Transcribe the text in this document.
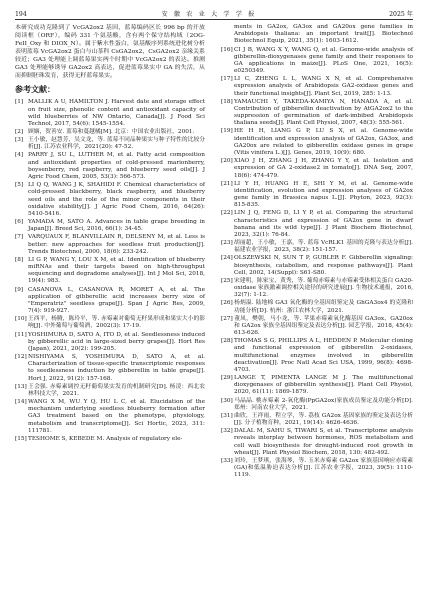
194	安　徽　农　业　大　学　学　报	2025 年

本研究成功克隆到了 VcGA2ox2 基因，蓝莓编码区长 996 bp 的开放阅读框（ORF），编码 331 个氨基酸，含有两个保守结构域（2OG-FeII_Oxy 和 DIOX_N）。属于紫水性蛋白，氨基酸序列系统进化树分析表明蓝莓 VcGA2ox2 蛋白与山茶科 CsGA2ox2、CsGA2ox2 亲缘关系较近；GA3 处理能上调蓝莓果实两个时期中 VcGA2ox2 的表达。推测 GA3 处理能够诱导 GA2ox2 高表达，促进蓝莓果实中 GA 的失活，从而抑制胚珠发育，获得无籽蓝莓果实。

参考文献：
[1] MALLIK A U, HAMILTON J. Harvest date and storage effect on fruit size, phenolic content and antioxidant capacity of wild blueberries of NW Ontario, Canada[J]. J Food Sci Technol, 2017, 54(6): 1545-1554.
[2] 顾姻，贺善安. 蓝莓和蔓越橘[M]. 北京：中国农业出版社，2001.
[3] 王小敏，赵慧芳，吴文龙，等. 蓝莓不同品种果实与种子特性的比较分析[J]. 江苏农业科学，2021(20): 47-52.
[4] PARRY J, SU L, LUTHER M, et al. Fatty acid composition and antioxidant properties of cold-pressed marionberry, boysenberry, red raspberry, and blueberry seed oils[J]. J Agric Food Chem, 2005, 53(3): 566-573.
[5] LI Q Q, WANG J K, SHAHIDI F. Chemical characteristics of cold-pressed blackberry, black raspberry, and blueberry seed oils and the role of the minor components in their oxidative stability[J]. J Agric Food Chem, 2016, 64(26): 5410-5416.
[6] YAMADA M, SATO A. Advances in table grape breeding in Japan[J]. Breed Sci, 2016, 66(1): 34-45.
[7] VARQUAUX F, BLANVILLAIN R, DELSENY M, et al. Less is better: new approaches for seedless fruit production[J]. Trends Biotechnol, 2000, 18(6): 233-242.
[8] LI G P, WANG Y, LOU X M, et al. Identification of blueberry miRNAs and their targets based on high-throughput sequencing and degradome analyses[J]. Int J Mol Sci, 2018, 19(4): 983.
[9] CASANOVA L, CASANOVA R, MORET A, et al. The application of gibberellic acid increases berry size of "Emperatriz" seedless grape[J]. Span J Agric Res, 2009, 7(4): 919-927.
[10]王西平，杨腾，陈玲平，等. 赤霉素对葡萄无籽果形成和果实大小的影响[J]. 中外葡萄与葡萄酒，2002(3): 17-19.
[11]YOSHIMURA D, SATO A, ITO D, et al. Seedlessness induced by gibberellic acid in large-sized berry grapes[J]. Hort Res (Japan), 2021, 20(2): 199-205.
[12]NISHIYAMA S, YOSHIMURA D, SATO A, et al. Characterization of tissue-specific transcriptomic responses to seedlessness induction by gibberellin in table grape[J]. Hort J, 2022, 91(2): 157-168.
[13]王会强. 赤霉素调控无籽葡萄果实发育的机制研究[D]. 杨凌：西北农林科技大学，2021.
[14]WANG X M, WU Y Q, HU L C, et al. Elucidation of the mechanism underlying seedless blueberry formation after GA3 treatment based on the phenotype, physiology, metabolism and transcriptome[J]. Sci Hortic, 2023, 311: 111781.
[15]TESHOME S, KEBEDE M. Analysis of regulatory ele-
ments in GA2ox, GA3ox and GA20ox gene families in Arabidopsis thaliana: an important trait[J]. Biotechnol Biotechnol Equip, 2021, 35(1): 1603-1612.
[16]CI J B, WANG X Y, WANG Q, et al. Genome-wide analysis of gibberellin-dioxygenases gene family and their responses to GA applications in maize[J]. PLoS One, 2021, 16(5): e0250349.
[17]LI C, ZHENG L L, WANG X N, et al. Comprehensive expression analysis of Arabidopsis GA2-oxidase genes and their functional insights[J]. Plant Sci, 2019, 285: 1-13.
[18]YAMAUCHI Y, TAKEDA-KAMIYA N, HANADA A, et al. Contribution of gibberellin deactivation by AtGA2ox2 to the suppression of germination of dark-imbibed Arabidopsis thaliana seeds[J]. Plant Cell Physiol, 2007, 48(3): 555-561.
[19]HE H H, LIANG G P, LU S X, et al. Genome-wide identification and expression analysis of GA2ox, GA3ox, and GA20ox are related to gibberellin oxidase genes in grape (Vitis vinifera L.)[J]. Genes, 2019, 10(9): 680.
[20]XIAO J H, ZHANG J H, ZHANG Y Y, et al. Isolation and expression of GA 2-oxidase2 in tomato[J]. DNA Seq, 2007, 18(6): 474-479.
[21]LI Y H, HUANG H E, SHI Y M, et al. Genome-wide identification, evolution and expression analyses of GA2ox gene family in Brassica napus L.[J]. Phyton, 2023, 92(3): 815-835.
[22]LIN J Q, FENG D, LI Y P, et al. Comparing the structural characteristics and expression of GA2ox gene in dwarf banana and its wild type[J]. J Plant Biochem Biotechnol, 2023, 32(1): 76-84.
[23]胡丽超，王小敏，王嘉，等. 蓝莓 VcRLK1 基因的克隆与表达分析[J]. 福建农业学报，2023, 38(2): 151-157.
[24]OLSZEWSKI N, SUN T P, GUBLER F. Gibberellin signaling: biosynthesis, catabolism, and response pathways[J]. Plant Cell, 2002, 14(Suppl): S61-S80.
[25]宋建明，陈家宝，黄秀，等. 葡萄赤霉素与赤霉素受体相关蛋白 GA20-oxidase 家族激素调控相关途径的研究进展[J]. 生物技术通报，2016, 32(7): 1-12.
[26]杨炳温. 陆地棉 GA3 氧化酶的全基因组鉴定及 GhGA3ox4 的克隆和功能分析[D]. 杭州：浙江农林大学，2021.
[27]董凤，樊朝，马小龙，等. 苹果赤霉素氧化酶基因 GA3ox、GA20ox 和 GA2ox 家族全基因组鉴定及表达分析[J]. 园艺学报，2018, 45(4): 613-626.
[28]THOMAS S G, PHILLIPS A L, HEDDEN P. Molecular cloning and functional expression of gibberellin 2-oxidases, multifunctional enzymes involved in gibberellin deactivation[J]. Proc Natl Acad Sci USA, 1999, 96(8): 4698-4703.
[29]LANGE T, PIMENTA LANGE M J. The multifunctional dioxygenases of gibberellin synthesis[J]. Plant Cell Physiol, 2020, 61(11): 1869-1879.
[30]马晶晶. 桃赤霉素 2-氧化酶(PpGA2ox)家族成员鉴定及功能分析[D]. 郑州：河南农业大学，2021.
[31]曲欣，王祥雨，程立学，等. 荔枝 GA2ox 基因家族的鉴定及表达分析[J]. 分子植物育种，2021, 19(14): 4626-4636.
[32]DALAL M, SAHU S, TIWARI S, et al. Transcriptome analysis reveals interplay between hormones, ROS metabolism and cell wall biosynthesis for drought-induced root growth in wheat[J]. Plant Physiol Biochem, 2018, 130: 482-492.
[33]刘玲，王梦琪，张海琴，等. 玉米赤霉素 GA2ox 家族基因响应赤霉素(GA)和低温胁迫表达分析[J]. 江苏农业学报，2023, 39(5): 1110-1119.
